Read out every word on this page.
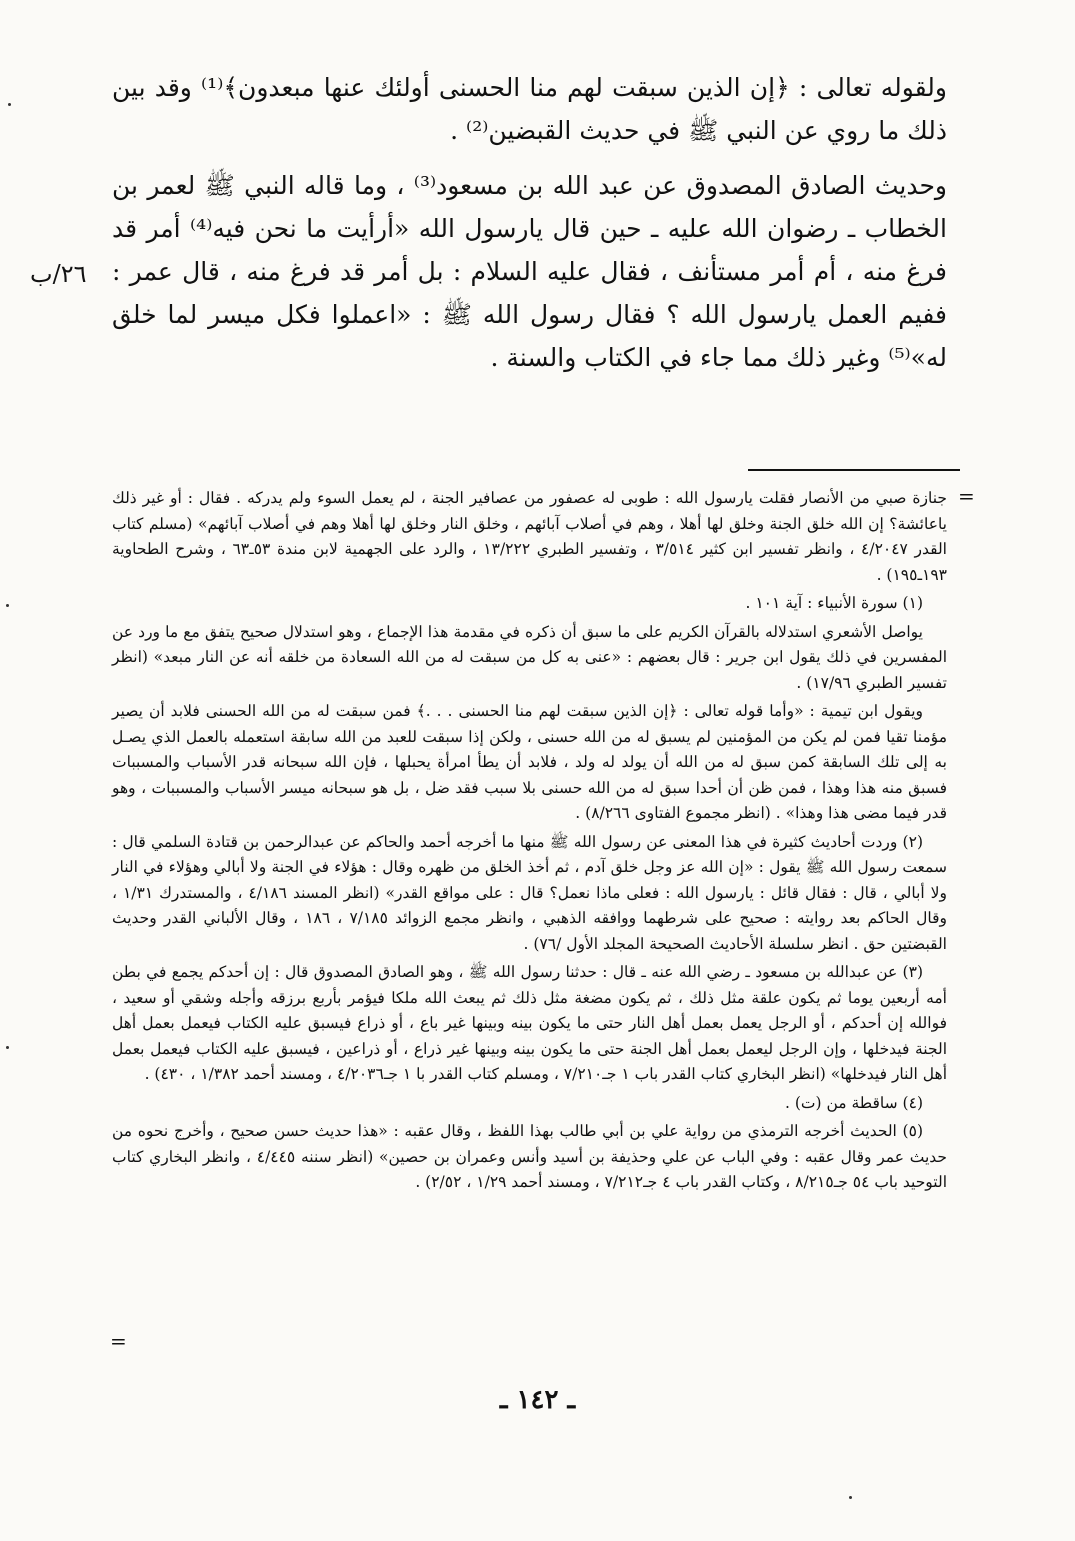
ولقوله تعالى : ﴿إن الذين سبقت لهم منا الحسنى أولئك عنها مبعدون﴾⁽¹⁾ وقد بين ذلك ما روي عن النبي ﷺ في حديث القبضين⁽²⁾ .

وحديث الصادق المصدوق عن عبد الله بن مسعود⁽³⁾ ، وما قاله النبي ﷺ لعمر بن الخطاب ـ رضوان الله عليه ـ حين قال يارسول الله «أرأيت ما نحن فيه⁽⁴⁾ أمر قد فرغ منه ، أم أمر مستأنف ، فقال عليه السلام : بل أمر قد فرغ منه ، قال عمر : ففيم العمل يارسول الله ؟ فقال رسول الله ﷺ : «اعملوا فكل ميسر لما خلق له»⁽⁵⁾ وغير ذلك مما جاء في الكتاب والسنة .

٢٦/ب
=

جنازة صبي من الأنصار فقلت يارسول الله : طوبى له عصفور من عصافير الجنة ، لم يعمل السوء ولم يدركه . فقال : أو غير ذلك ياعائشة؟ إن الله خلق الجنة وخلق لها أهلا ، وهم في أصلاب آبائهم ، وخلق النار وخلق لها أهلا وهم في أصلاب آبائهم» (مسلم كتاب القدر ٤/٢٠٤٧ ، وانظر تفسير ابن كثير ٣/٥١٤ ، وتفسير الطبري ١٣/٢٢٢ ، والرد على الجهمية لابن مندة ٥٣ـ٦٣ ، وشرح الطحاوية ١٩٣ـ١٩٥) .

(١) سورة الأنبياء : آية ١٠١ .

يواصل الأشعري استدلاله بالقرآن الكريم على ما سبق أن ذكره في مقدمة هذا الإجماع ، وهو استدلال صحيح يتفق مع ما ورد عن المفسرين في ذلك يقول ابن جرير : قال بعضهم : «عنى به كل من سبقت له من الله السعادة من خلقه أنه عن النار مبعد» (انظر تفسير الطبري ١٧/٩٦) .

ويقول ابن تيمية : «وأما قوله تعالى : ﴿إن الذين سبقت لهم منا الحسنى . . .﴾ فمن سبقت له من الله الحسنى فلابد أن يصير مؤمنا تقيا فمن لم يكن من المؤمنين لم يسبق له من الله حسنى ، ولكن إذا سبقت للعبد من الله سابقة استعمله بالعمل الذي يصـل به إلى تلك السابقة كمن سبق له من الله أن يولد له ولد ، فلابد أن يطأ امرأة يحبلها ، فإن الله سبحانه قدر الأسباب والمسببات فسبق منه هذا وهذا ، فمن ظن أن أحدا سبق له من الله حسنى بلا سبب فقد ضل ، بل هو سبحانه ميسر الأسباب والمسببات ، وهو قدر فيما مضى هذا وهذا» . (انظر مجموع الفتاوى ٨/٢٦٦) .

(٢) وردت أحاديث كثيرة في هذا المعنى عن رسول الله ﷺ منها ما أخرجه أحمد والحاكم عن عبدالرحمن بن قتادة السلمي قال : سمعت رسول الله ﷺ يقول : «إن الله عز وجل خلق آدم ، ثم أخذ الخلق من ظهره وقال : هؤلاء في الجنة ولا أبالي وهؤلاء في النار ولا أبالي ، قال : فقال قائل : يارسول الله : فعلى ماذا نعمل؟ قال : على مواقع القدر» (انظر المسند ٤/١٨٦ ، والمستدرك ١/٣١ ، وقال الحاكم بعد روايته : صحيح على شرطهما ووافقه الذهبي ، وانظر مجمع الزوائد ٧/١٨٥ ، ١٨٦ ، وقال الألباني القدر وحديث القبضتين حق . انظر سلسلة الأحاديث الصحيحة المجلد الأول /٧٦) .

(٣) عن عبدالله بن مسعود ـ رضي الله عنه ـ قال : حدثنا رسول الله ﷺ ، وهو الصادق المصدوق قال : إن أحدكم يجمع في بطن أمه أربعين يوما ثم يكون علقة مثل ذلك ، ثم يكون مضغة مثل ذلك ثم يبعث الله ملكا فيؤمر بأربع برزقه وأجله وشقي أو سعيد ، فوالله إن أحدكم ، أو الرجل يعمل بعمل أهل النار حتى ما يكون بينه وبينها غير باع ، أو ذراع فيسبق عليه الكتاب فيعمل بعمل أهل الجنة فيدخلها ، وإن الرجل ليعمل بعمل أهل الجنة حتى ما يكون بينه وبينها غير ذراع ، أو ذراعين ، فيسبق عليه الكتاب فيعمل بعمل أهل النار فيدخلها» (انظر البخاري كتاب القدر باب ١ جـ٧/٢١٠ ، ومسلم كتاب القدر با ١ جـ٤/٢٠٣٦ ، ومسند أحمد ١/٣٨٢ ، ٤٣٠) .

(٤) ساقطة من (ت) .

(٥) الحديث أخرجه الترمذي من رواية علي بن أبي طالب بهذا اللفظ ، وقال عقبه : «هذا حديث حسن صحيح ، وأخرج نحوه من حديث عمر وقال عقبه : وفي الباب عن علي وحذيفة بن أسيد وأنس وعمران بن حصين» (انظر سننه ٤/٤٤٥ ، وانظر البخاري كتاب التوحيد باب ٥٤ جـ٨/٢١٥ ، وكتاب القدر باب ٤ جـ٧/٢١٢ ، ومسند أحمد ١/٢٩ ، ٢/٥٢) .

=
ـ ١٤٢ ـ
